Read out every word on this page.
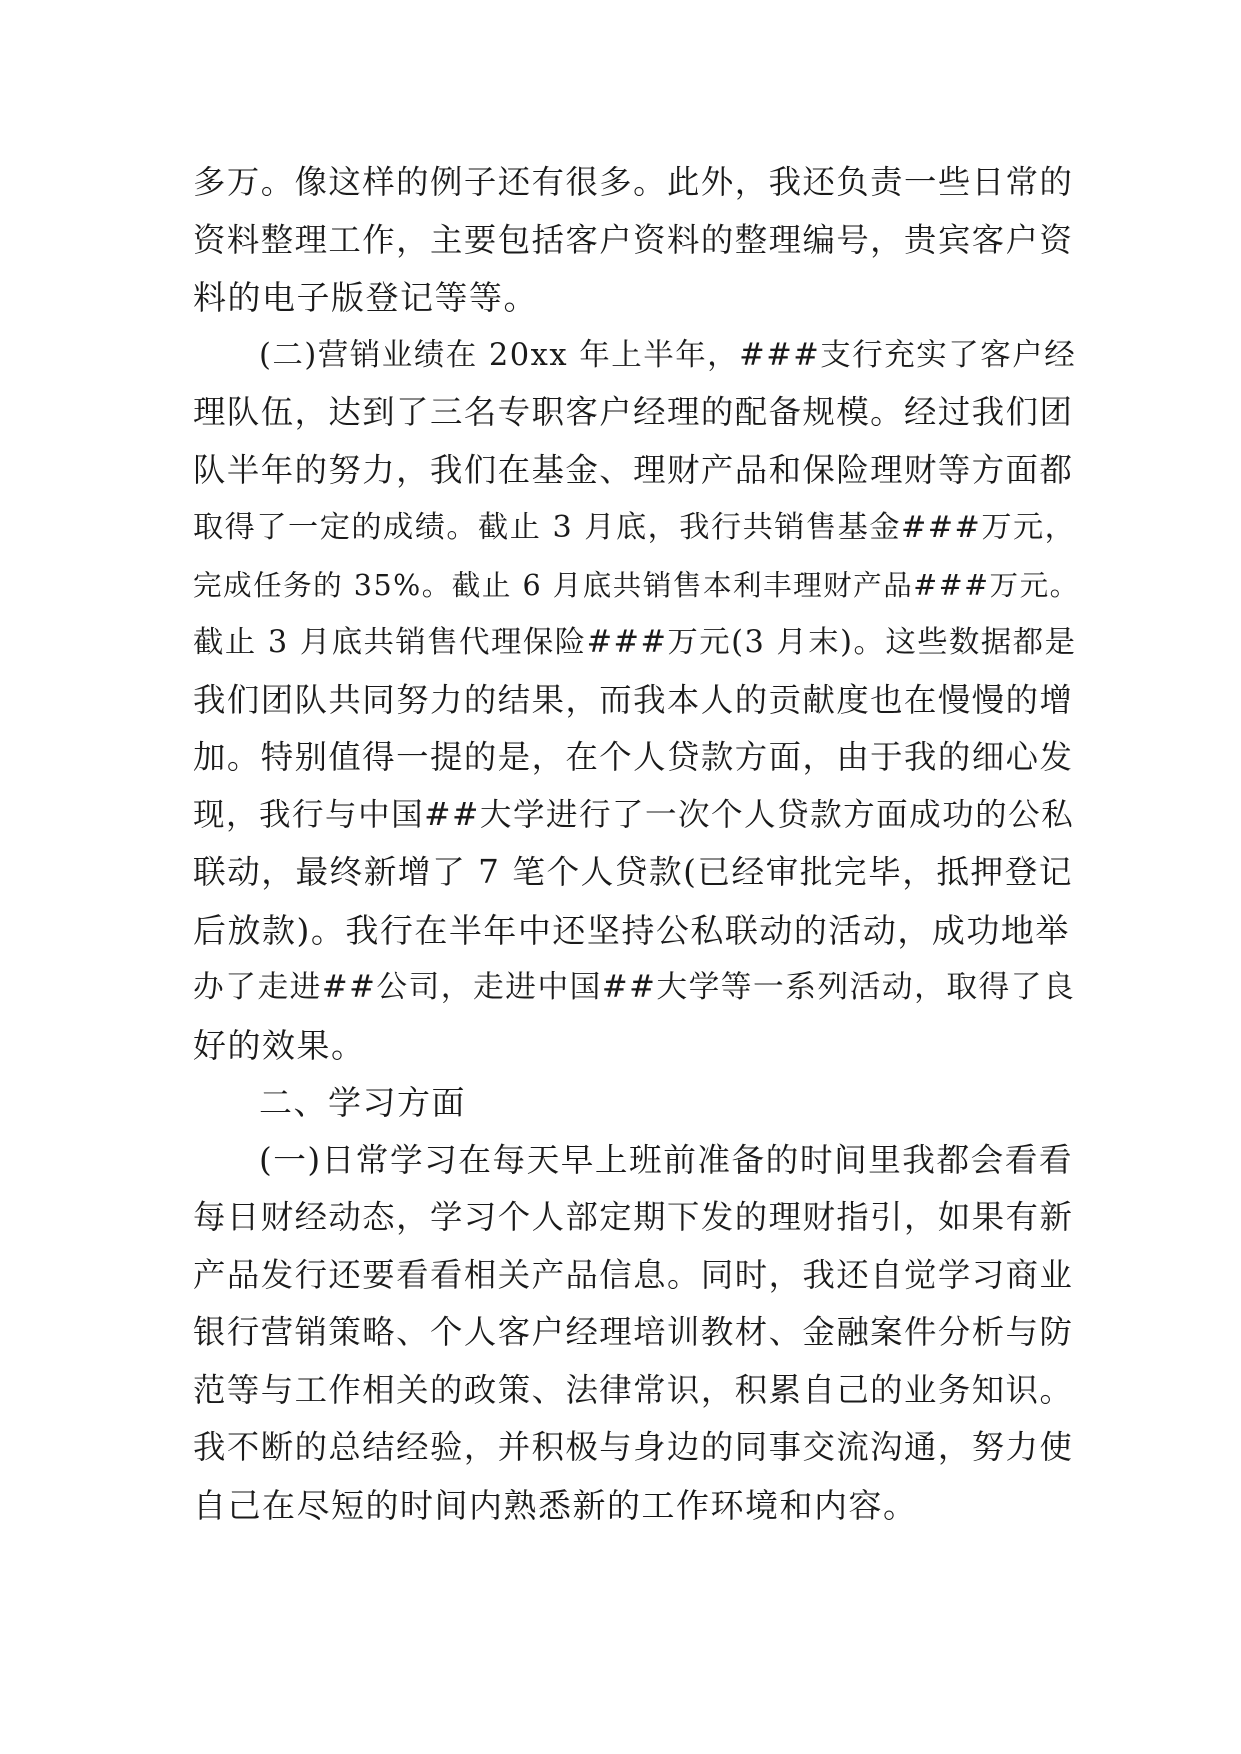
多万。像这样的例子还有很多。此外，我还负责一些日常的
资料整理工作，主要包括客户资料的整理编号，贵宾客户资
料的电子版登记等等。
(二)营销业绩在 20xx 年上半年，###支行充实了客户经
理队伍，达到了三名专职客户经理的配备规模。经过我们团
队半年的努力，我们在基金、理财产品和保险理财等方面都
取得了一定的成绩。截止 3 月底，我行共销售基金###万元，
完成任务的 35%。截止 6 月底共销售本利丰理财产品###万元。
截止 3 月底共销售代理保险###万元(3 月末)。这些数据都是
我们团队共同努力的结果，而我本人的贡献度也在慢慢的增
加。特别值得一提的是，在个人贷款方面，由于我的细心发
现，我行与中国##大学进行了一次个人贷款方面成功的公私
联动，最终新增了 7 笔个人贷款(已经审批完毕，抵押登记
后放款)。我行在半年中还坚持公私联动的活动，成功地举
办了走进##公司，走进中国##大学等一系列活动，取得了良
好的效果。
二、学习方面
(一)日常学习在每天早上班前准备的时间里我都会看看
每日财经动态，学习个人部定期下发的理财指引，如果有新
产品发行还要看看相关产品信息。同时，我还自觉学习商业
银行营销策略、个人客户经理培训教材、金融案件分析与防
范等与工作相关的政策、法律常识，积累自己的业务知识。
我不断的总结经验，并积极与身边的同事交流沟通，努力使
自己在尽短的时间内熟悉新的工作环境和内容。
